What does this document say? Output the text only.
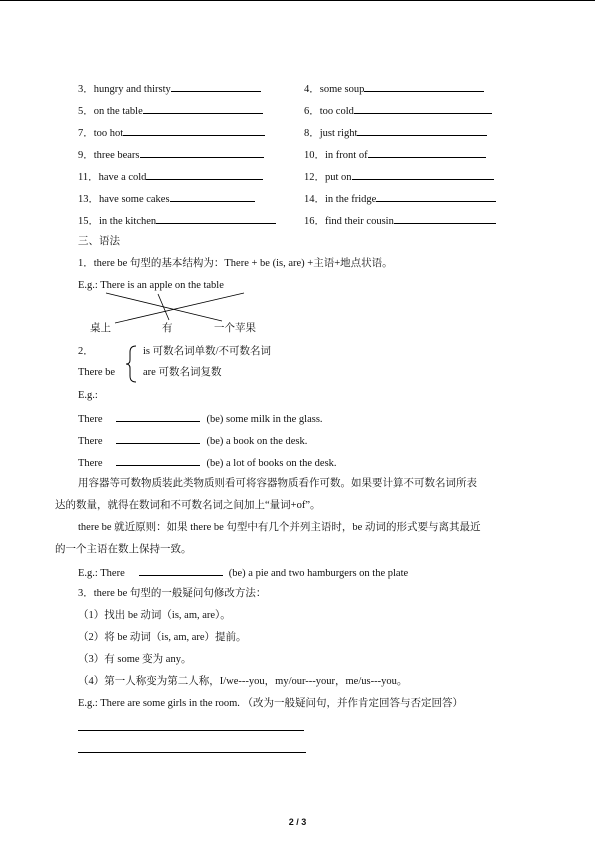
3．hungry and thirsty	4．some soup
5．on the table	6．too cold
7．too hot	8．just right
9．three bears	10．in front of
11．have a cold	12．put on
13．have some cakes	14．in the fridge
15．in the kitchen	16．find their cousin
三、语法
1．there be 句型的基本结构为：There + be (is, are) +主语+地点状语。
E.g.: There is an apple on the table
桌上	有	一个苹果
2．
There be
is 可数名词单数/不可数名词
are 可数名词复数
E.g.:
There	(be) some milk in the glass.
There	(be) a book on the desk.
There	(be) a lot of books on the desk.
用容器等可数物质装此类物质则看可将容器物质看作可数。如果要计算不可数名词所表
达的数量，就得在数词和不可数名词之间加上“量词+of”。
there be 就近原则：如果 there be 句型中有几个并列主语时，be 动词的形式要与离其最近
的一个主语在数上保持一致。
E.g.: There	(be) a pie and two hamburgers on the plate
3．there be 句型的一般疑问句修改方法：
（1）找出 be 动词（is, am, are）。
（2）将 be 动词（is, am, are）提前。
（3）有 some 变为 any。
（4）第一人称变为第二人称，I/we---you，my/our---your，me/us---you。
E.g.: There are some girls in the room. （改为一般疑问句，并作肯定回答与否定回答）
2 / 3
